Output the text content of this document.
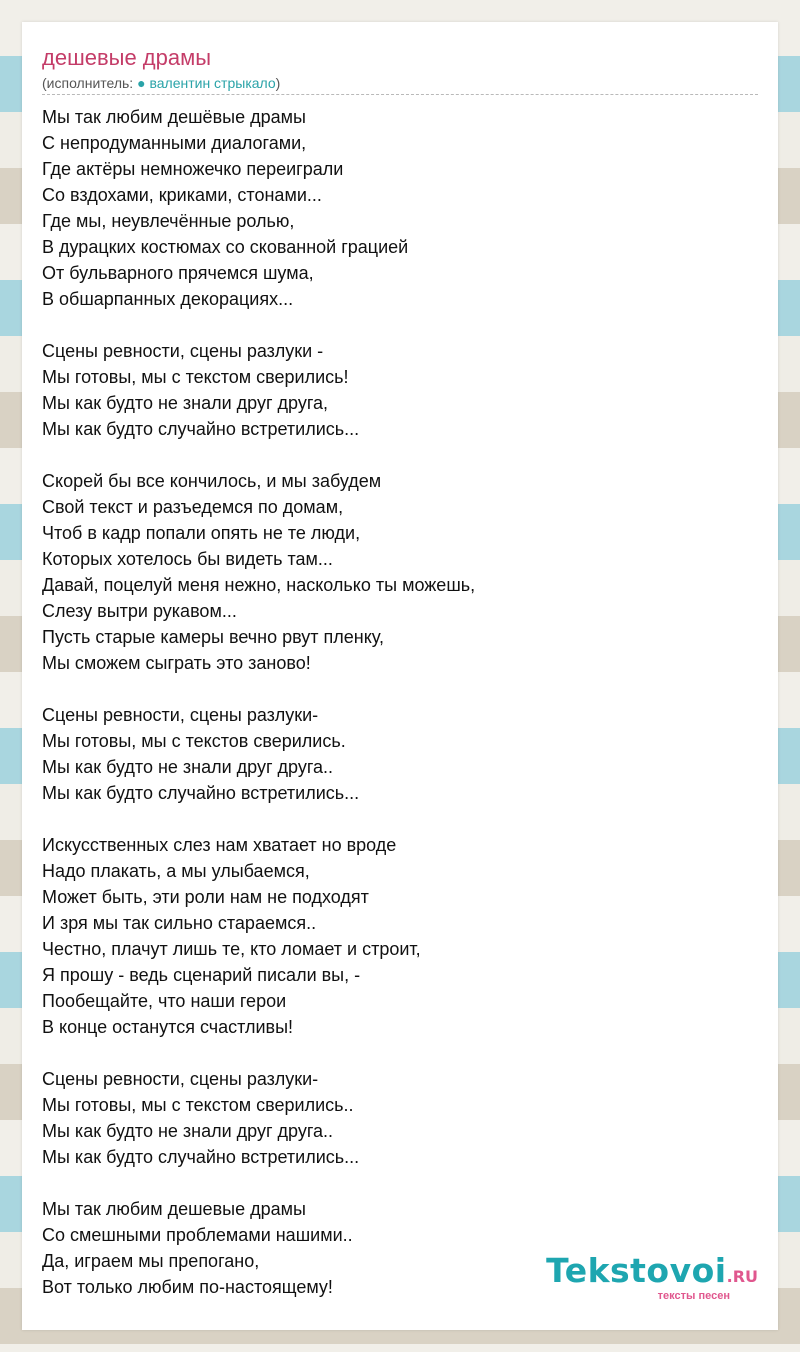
дешевые драмы
(исполнитель: ● валентин стрыкало)
Мы так любим дешёвые драмы
С непродуманными диалогами,
Где актёры немножечко переиграли
Со вздохами, криками, стонами...
Где мы, неувлечённые ролью,
В дурацких костюмах со скованной грацией
От бульварного прячемся шума,
В обшарпанных декорациях...
Сцены ревности, сцены разлуки -
Мы готовы, мы с текстом сверились!
Мы как будто не знали друг друга,
Мы как будто случайно встретились...
Скорей бы все кончилось, и мы забудем
Свой текст и разъедемся по домам,
Чтоб в кадр попали опять не те люди,
Которых хотелось бы видеть там...
Давай, поцелуй меня нежно, насколько ты можешь,
Слезу вытри рукавом...
Пусть старые камеры вечно рвут пленку,
Мы сможем сыграть это заново!
Сцены ревности, сцены разлуки-
Мы готовы, мы с текстов сверились.
Мы как будто не знали друг друга..
Мы как будто случайно встретились...
Искусственных слез нам хватает но вроде
Надо плакать, а мы улыбаемся,
Может быть, эти роли нам не подходят
И зря мы так сильно стараемся..
Честно, плачут лишь те, кто ломает и строит,
Я прошу - ведь сценарий писали вы, -
Пообещайте, что наши герои
В конце останутся счастливы!
Сцены ревности, сцены разлуки-
Мы готовы, мы с текстом сверились..
Мы как будто не знали друг друга..
Мы как будто случайно встретились...
Мы так любим дешевые драмы
Со смешными проблемами нашими..
Да, играем мы препогано,
Вот только любим по-настоящему!	Tekstovoi.RU
тексты песен
